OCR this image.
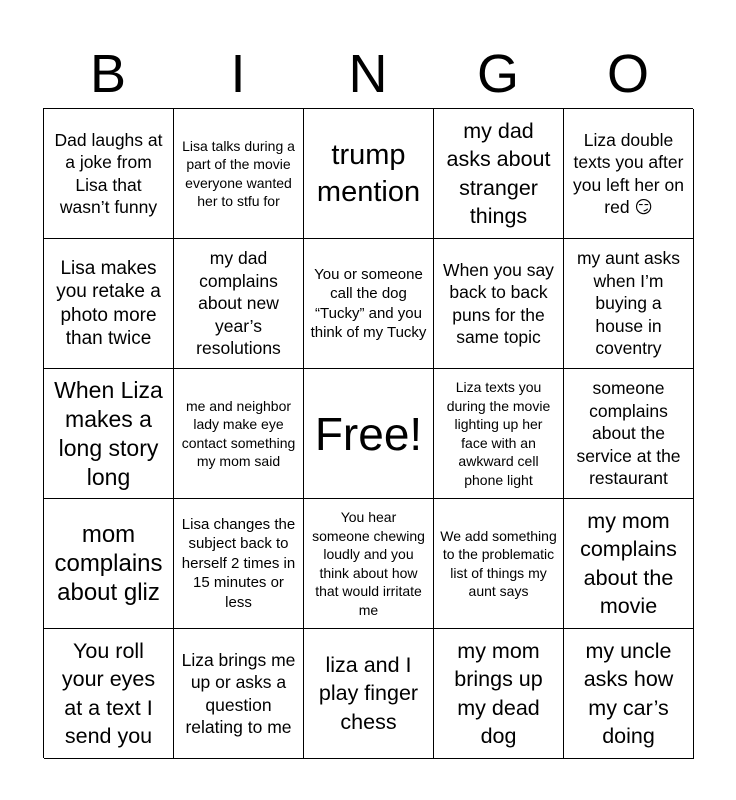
B	I	N	G	O
Dad laughs at a joke from Lisa that wasn’t funny
Lisa talks during a part of the movie everyone wanted her to stfu for
trump mention
my dad asks about stranger things
Liza double texts you after you left her on red 😏
Lisa makes you retake a photo more than twice
my dad complains about new year’s resolutions
You or someone call the dog “Tucky” and you think of my Tucky
When you say back to back puns for the same topic
my aunt asks when I’m buying a house in coventry
When Liza makes a long story long
me and neighbor lady make eye contact something my mom said
Free!
Liza texts you during the movie lighting up her face with an awkward cell phone light
someone complains about the service at the restaurant
mom complains about gliz
Lisa changes the subject back to herself 2 times in 15 minutes or less
You hear someone chewing loudly and you think about how that would irritate me
We add something to the problematic list of things my aunt says
my mom complains about the movie
You roll your eyes at a text I send you
Liza brings me up or asks a question relating to me
liza and I play finger chess
my mom brings up my dead dog
my uncle asks how my car’s doing
